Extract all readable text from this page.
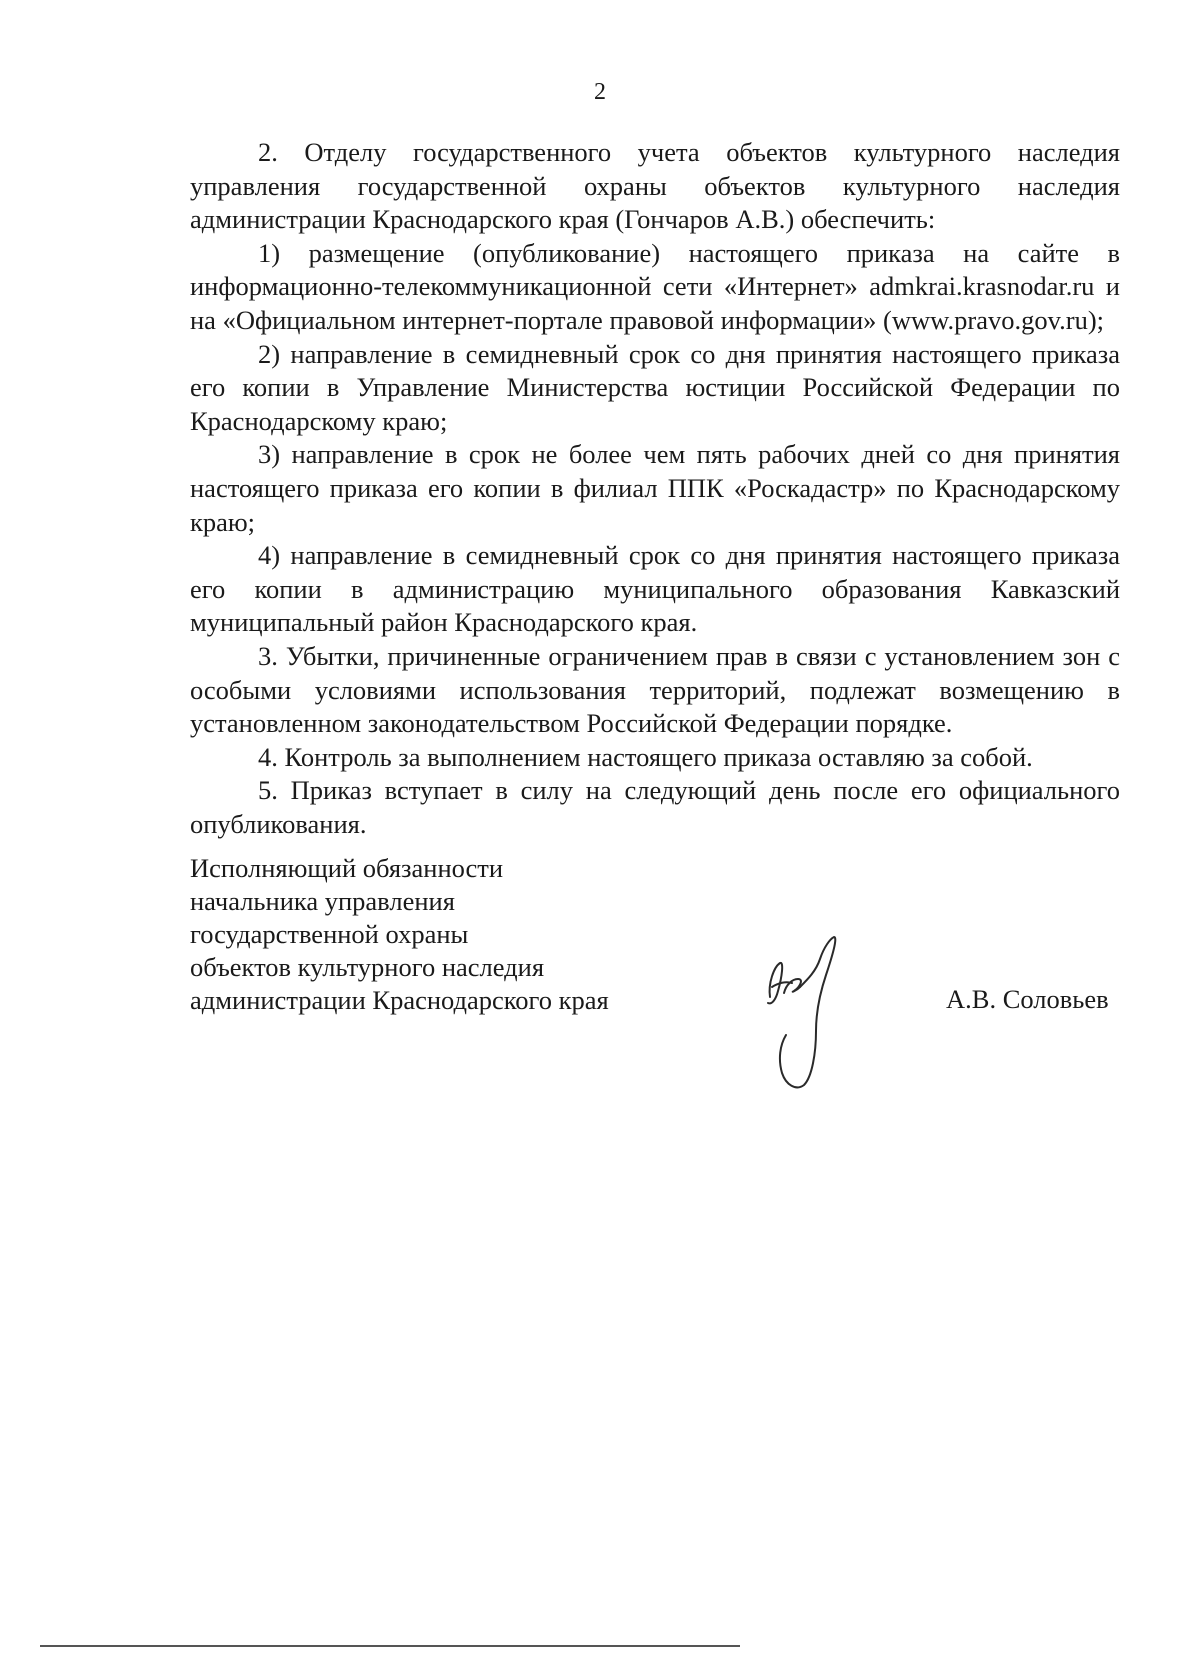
2

2. Отделу государственного учета объектов культурного наследия управления государственной охраны объектов культурного наследия администрации Краснодарского края (Гончаров А.В.) обеспечить:

1) размещение (опубликование) настоящего приказа на сайте в информационно-телекоммуникационной сети «Интернет» admkrai.krasnodar.ru и на «Официальном интернет-портале правовой информации» (www.pravo.gov.ru);

2) направление в семидневный срок со дня принятия настоящего приказа его копии в Управление Министерства юстиции Российской Федерации по Краснодарскому краю;

3) направление в срок не более чем пять рабочих дней со дня принятия настоящего приказа его копии в филиал ППК «Роскадастр» по Краснодарскому краю;

4) направление в семидневный срок со дня принятия настоящего приказа его копии в администрацию муниципального образования Кавказский муниципальный район Краснодарского края.

3. Убытки, причиненные ограничением прав в связи с установлением зон с особыми условиями использования территорий, подлежат возмещению в установленном законодательством Российской Федерации порядке.

4. Контроль за выполнением настоящего приказа оставляю за собой.

5. Приказ вступает в силу на следующий день после его официального опубликования.

Исполняющий обязанности
начальника управления
государственной охраны
объектов культурного наследия
администрации Краснодарского края	А.В. Соловьев
